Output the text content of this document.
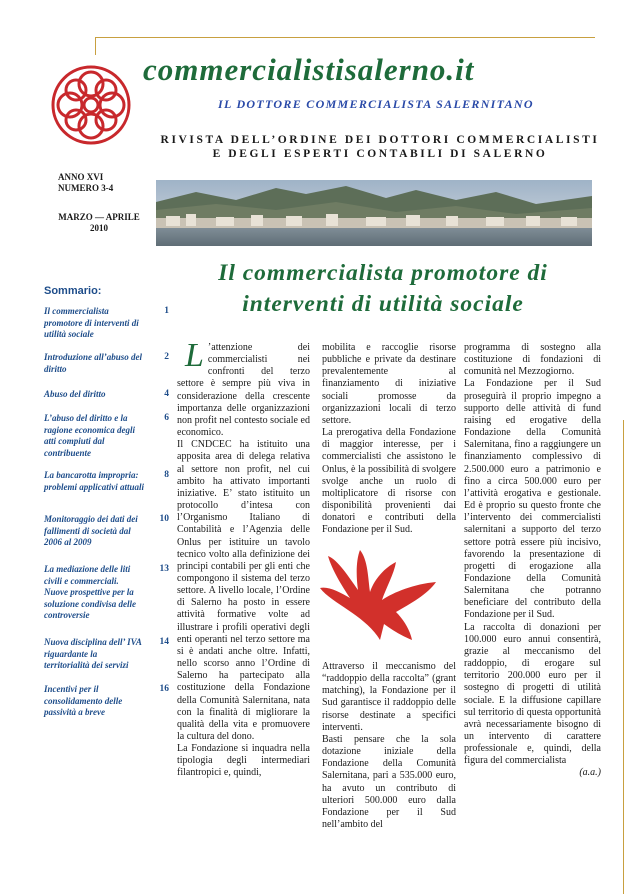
commercialistisalerno.it
IL DOTTORE COMMERCIALISTA SALERNITANO
RIVISTA DELL’ORDINE DEI DOTTORI COMMERCIALISTI
E DEGLI ESPERTI CONTABILI DI SALERNO
ANNO XVI
NUMERO 3-4
MARZO — APRILE
2010
Sommario:
Il commercialista promotore di interventi di utilità sociale
1
Introduzione all’abuso del diritto
2
Abuso del diritto	4
L’abuso del diritto e la ragione economica degli atti compiuti dal contribuente
6
La bancarotta impropria: problemi applicativi attuali
8
Monitoraggio dei dati dei fallimenti di società dal 2006 al 2009
10
La mediazione delle liti civili e commerciali. Nuove prospettive per la soluzione condivisa delle controversie
13
Nuova disciplina dell’ IVA riguardante la territorialità dei servizi
14
Incentivi per il consolidamento delle passività a breve
16
Il commercialista promotore di
interventi di utilità sociale

L ’attenzione dei commercialisti nei confronti del terzo settore è sempre più viva in considerazione della crescente importanza delle organizzazioni non profit nel contesto sociale ed economico.

Il CNDCEC ha istituito una apposita area di delega relativa al settore non profit, nel cui ambito ha attivato importanti iniziative. E’ stato istituito un protocollo d’intesa con l’Organismo Italiano di Contabilità e l’Agenzia delle Onlus per istituire un tavolo tecnico volto alla definizione dei principi contabili per gli enti che compongono il sistema del terzo settore. A livello locale, l’Ordine di Salerno ha posto in essere attività formative volte ad illustrare i profili operativi degli enti operanti nel terzo settore ma si è andati anche oltre. Infatti, nello scorso anno l’Ordine di Salerno ha partecipato alla costituzione della Fondazione della Comunità Salernitana, nata con la finalità di migliorare la qualità della vita e promuovere la cultura del dono.

La Fondazione si inquadra nella tipologia degli intermediari filantropici e, quindi,

mobilita e raccoglie risorse pubbliche e private da destinare prevalentemente al finanziamento di iniziative sociali promosse da organizzazioni locali di terzo settore.

La prerogativa della Fondazione di maggior interesse, per i commercialisti che assistono le Onlus, è la possibilità di svolgere svolge anche un ruolo di moltiplicatore di risorse con disponibilità provenienti dai donatori e contributi della Fondazione per il Sud.

Attraverso il meccanismo del “raddoppio della raccolta” (grant matching), la Fondazione per il Sud garantisce il raddoppio delle risorse destinate a specifici interventi.

Basti pensare che la sola dotazione iniziale della Fondazione della Comunità Salernitana, pari a 535.000 euro, ha avuto un contributo di ulteriori 500.000 euro dalla Fondazione per il Sud nell’ambito del

programma di sostegno alla costituzione di fondazioni di comunità nel Mezzogiorno.

La Fondazione per il Sud proseguirà il proprio impegno a supporto delle attività di fund raising ed erogative della Fondazione della Comunità Salernitana, fino a raggiungere un finanziamento complessivo di 2.500.000 euro a patrimonio e fino a circa 500.000 euro per l’attività erogativa e gestionale. Ed è proprio su questo fronte che l’intervento dei commercialisti salernitani a supporto del terzo settore potrà essere più incisivo, favorendo la presentazione di progetti di erogazione alla Fondazione della Comunità Salernitana che potranno beneficiare del contributo della Fondazione per il Sud.

La raccolta di donazioni per 100.000 euro annui consentirà, grazie al meccanismo del raddoppio, di erogare sul territorio 200.000 euro per il sostegno di progetti di utilità sociale. E la diffusione capillare sul territorio di questa opportunità avrà necessariamente bisogno di un intervento di carattere professionale e, quindi, della figura del commercialista

(a.a.)
